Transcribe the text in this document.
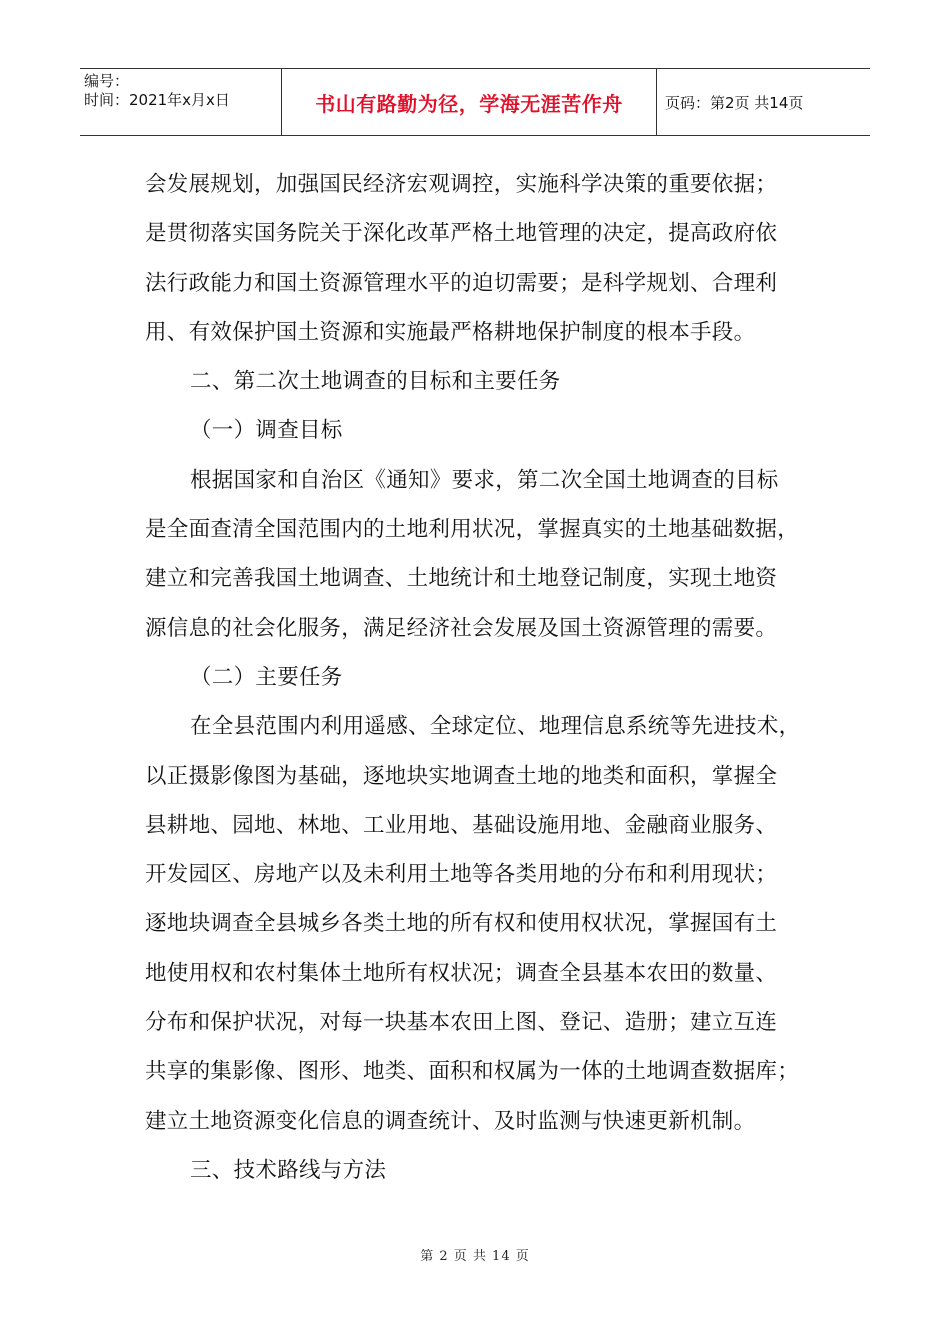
编号：
时间：2021年x月x日	书山有路勤为径，学海无涯苦作舟	页码：第2页 共14页
会发展规划，加强国民经济宏观调控，实施科学决策的重要依据；
是贯彻落实国务院关于深化改革严格土地管理的决定，提高政府依
法行政能力和国土资源管理水平的迫切需要；是科学规划、合理利
用、有效保护国土资源和实施最严格耕地保护制度的根本手段。
二、第二次土地调查的目标和主要任务
（一）调查目标
根据国家和自治区《通知》要求，第二次全国土地调查的目标
是全面查清全国范围内的土地利用状况，掌握真实的土地基础数据，
建立和完善我国土地调查、土地统计和土地登记制度，实现土地资
源信息的社会化服务，满足经济社会发展及国土资源管理的需要。
（二）主要任务
在全县范围内利用遥感、全球定位、地理信息系统等先进技术，
以正摄影像图为基础，逐地块实地调查土地的地类和面积，掌握全
县耕地、园地、林地、工业用地、基础设施用地、金融商业服务、
开发园区、房地产以及未利用土地等各类用地的分布和利用现状；
逐地块调查全县城乡各类土地的所有权和使用权状况，掌握国有土
地使用权和农村集体土地所有权状况；调查全县基本农田的数量、
分布和保护状况，对每一块基本农田上图、登记、造册；建立互连
共享的集影像、图形、地类、面积和权属为一体的土地调查数据库；
建立土地资源变化信息的调查统计、及时监测与快速更新机制。
三、技术路线与方法
第 2 页 共 14 页
